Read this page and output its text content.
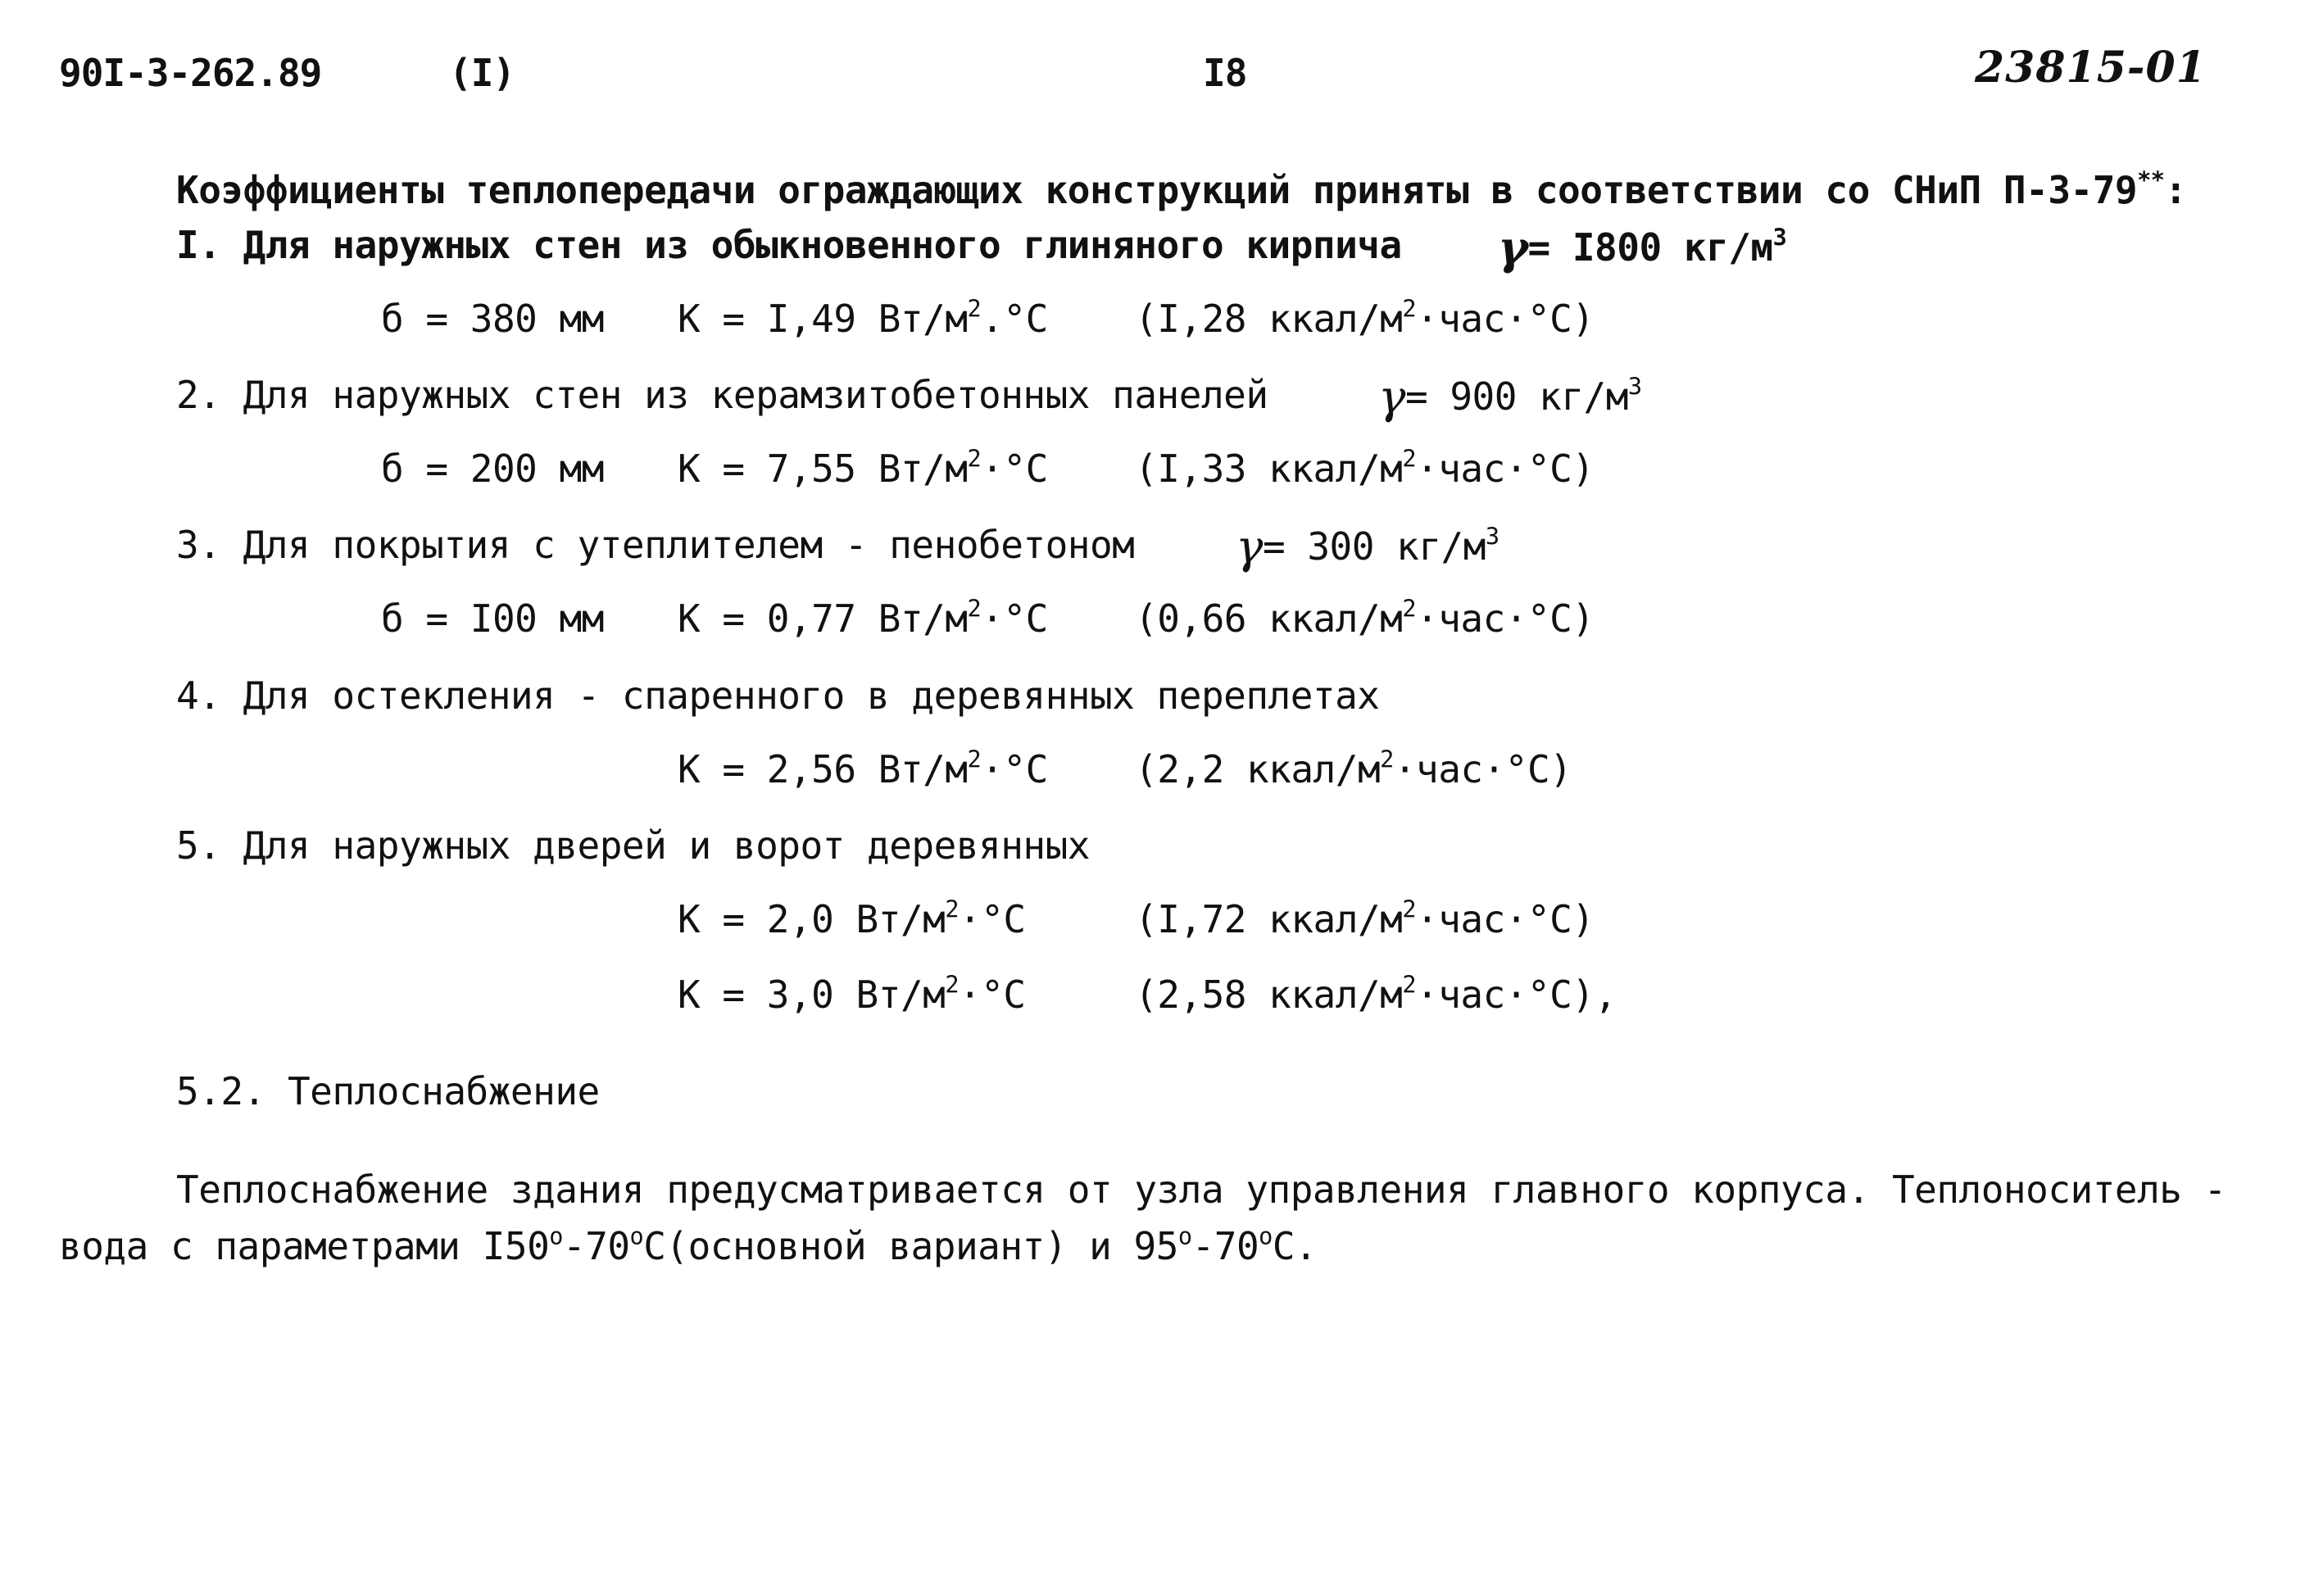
90I-3-262.89	(I)	I8	23815-01
Коэффициенты теплопередачи ограждающих конструкций приняты в соответствии со СНиП П-3-79**:
I. Для наружных стен из обыкновенного глиняного кирпича γ= I800 $кг/м^3$
б = 380 мм К = I,49 $Вт/м^2.^\circ С$ (I,28 ккал/$м^2\cdot час\cdot^\circ С$)
2. Для наружных стен из керамзитобетонных панелей γ= 900 $кг/м^3$
б = 200 мм К = 7,55 $Вт/м^2\cdot^\circ С$ (I,33 ккал/$м^2\cdot час\cdot^\circ С$)
3. Для покрытия с утеплителем - пенобетоном γ= 300 $кг/м^3$
б = I00 мм К = 0,77 $Вт/м^2\cdot^\circ С$ (0,66 ккал/$м^2\cdot час\cdot^\circ С$)
4. Для остекления - спаренного в деревянных переплетах
К = 2,56 $Вт/м^2\cdot^\circ С$ (2,2 ккал/$м^2\cdot час\cdot^\circ С$)
5. Для наружных дверей и ворот деревянных
К = 2,0 $Вт/м^2\cdot^\circ С$	(I,72 ккал/$м^2\cdot час\cdot^\circ С$)
К = 3,0 $Вт/м^2\cdot^\circ С$	(2,58 ккал/$м^2\cdot час\cdot^\circ С$),
5.2. Теплоснабжение
Теплоснабжение здания предусматривается от узла управления главного корпуса. Теплоноситель -
вода с параметрами $I50^о-70^оС(основной$ вариант) и $95^о-70^оС$.
